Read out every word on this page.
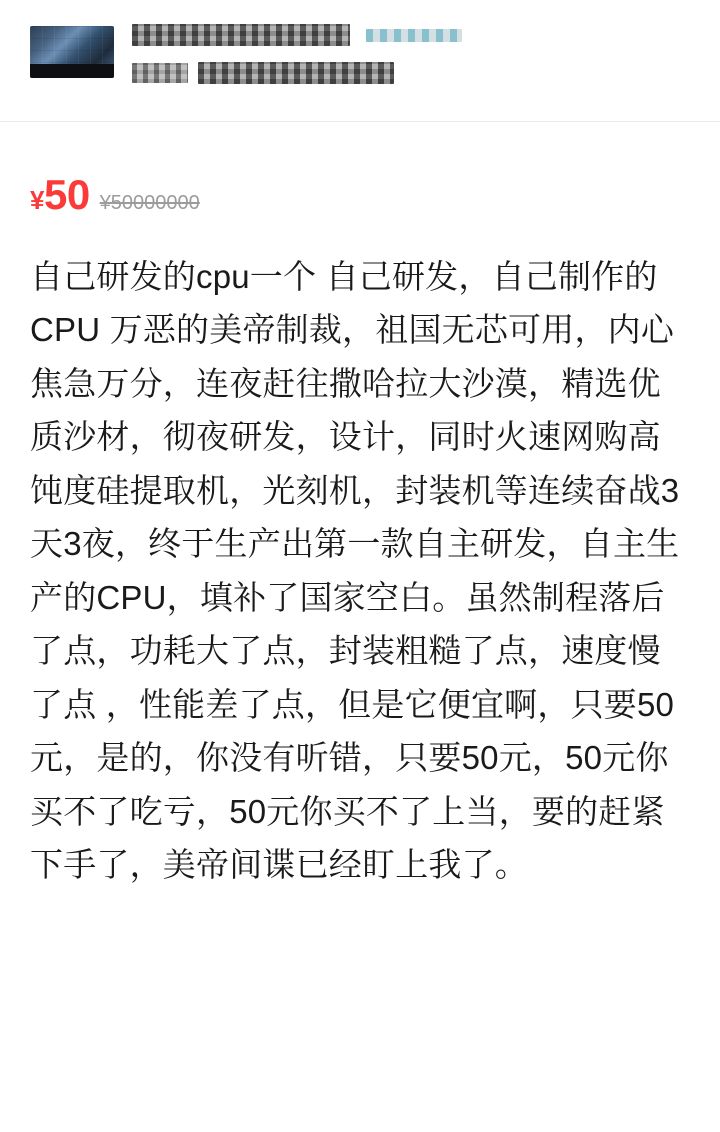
¥50 ¥50000000
自己研发的cpu一个 自己研发，自己制作的CPU 万恶的美帝制裁，祖国无芯可用，内心焦急万分，连夜赶往撒哈拉大沙漠，精选优质沙材，彻夜研发，设计，同时火速网购高饨度硅提取机，光刻机，封装机等连续奋战3天3夜，终于生产出第一款自主研发，自主生产的CPU，填补了国家空白。虽然制程落后了点，功耗大了点，封装粗糙了点，速度慢了点 ，性能差了点，但是它便宜啊，只要50元，是的，你没有听错，只要50元，50元你买不了吃亏，50元你买不了上当，要的赶紧下手了，美帝间谍已经盯上我了。
